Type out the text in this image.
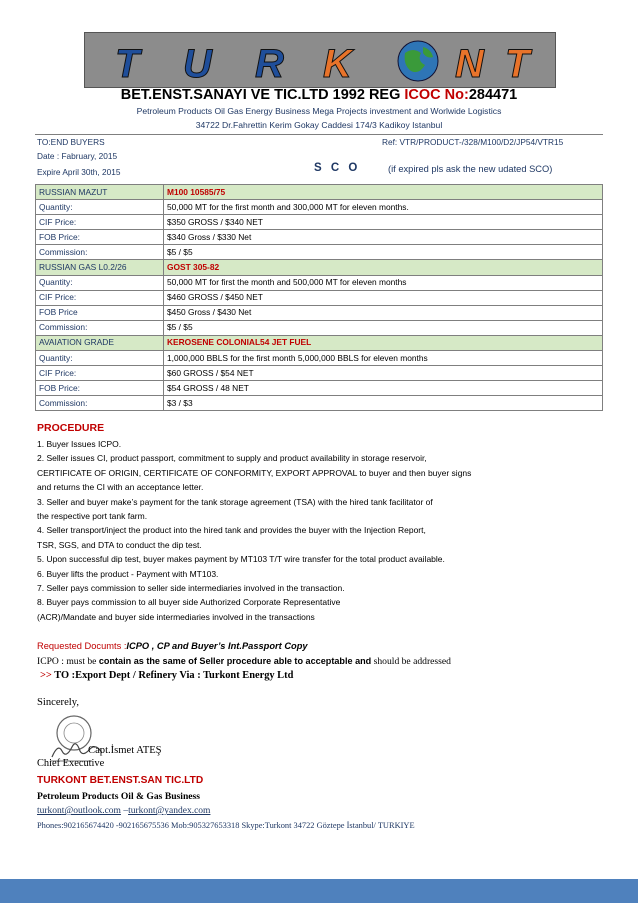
T U R K	N T
BET.ENST.SANAYI VE TIC.LTD 1992 REG ICOC No:284471
Petroleum Products Oil Gas Energy Business Mega Projects investment and Worlwide Logistics
34722 Dr.Fahrettin Kerim Gokay Caddesi 174/3 Kadikoy Istanbul
TO:END BUYERS	Ref: VTR/PRODUCT-/328/M100/D2/JP54/VTR15
Date : Fabruary, 2015
Expire April 30th, 2015	S C O	(if expired pls ask the new udated SCO)
RUSSIAN MAZUT	M100 10585/75
Quantity:	50,000 MT for the first month and 300,000 MT for eleven months.
CIF Price:	$350 GROSS / $340 NET
FOB Price:	$340 Gross / $330 Net
Commission:	$5 / $5
RUSSIAN GAS L0.2/26	GOST 305-82
Quantity:	50,000 MT for first the month and 500,000 MT for eleven months
CIF Price:	$460 GROSS / $450 NET
FOB Price	$450 Gross / $430 Net
Commission:	$5 / $5
AVAIATION GRADE	KEROSENE COLONIAL54 JET FUEL
Quantity:	1,000,000 BBLS for the first month 5,000,000 BBLS for eleven months
CIF Price:	$60 GROSS / $54 NET
FOB Price:	$54 GROSS / 48 NET
Commission:	$3 / $3
PROCEDURE
1. Buyer Issues ICPO.
2. Seller issues CI, product passport, commitment to supply and product availability in storage reservoir,
CERTIFICATE OF ORIGIN, CERTIFICATE OF CONFORMITY, EXPORT APPROVAL to buyer and then buyer signs
and returns the CI with an acceptance letter.
3. Seller and buyer make’s payment for the tank storage agreement (TSA) with the hired tank facilitator of
the respective port tank farm.
4. Seller transport/inject the product into the hired tank and provides the buyer with the Injection Report,
TSR, SGS, and DTA to conduct the dip test.
5. Upon successful dip test, buyer makes payment by MT103 T/T wire transfer for the total product available.
6. Buyer lifts the product - Payment with MT103.
7. Seller pays commission to seller side intermediaries involved in the transaction.
8. Buyer pays commission to all buyer side Authorized Corporate Representative
(ACR)/Mandate and buyer side intermediaries involved in the transactions
Requested Documts :ICPO , CP and Buyer’s Int.Passport Copy
ICPO : must be contain as the same of Seller procedure able to acceptable and should be addressed
>> TO :Export Dept / Refinery Via : Turkont Energy Ltd
Sincerely,
Capt.İsmet ATEŞ
Chief Executive
TURKONT BET.ENST.SAN TIC.LTD
Petroleum Products Oil & Gas Business
turkont@outlook.com –turkont@yandex.com
Phones:902165674420 -902165675536 Mob:905327653318 Skype:Turkont 34722 Göztepe İstanbul/ TURKIYE
